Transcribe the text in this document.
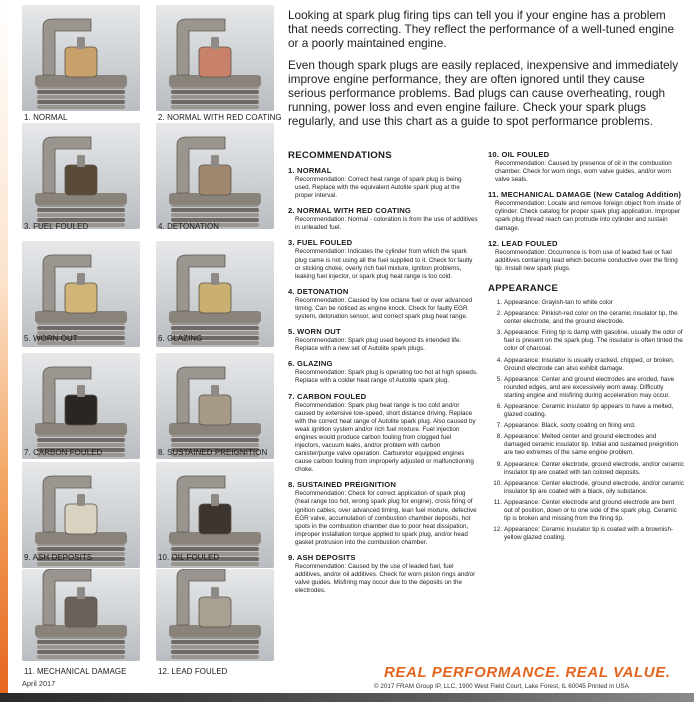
1. NORMAL	2. NORMAL WITH RED COATING
3. FUEL FOULED	4. DETONATION
5. WORN OUT	6. GLAZING
7. CARBON FOULED	8. SUSTAINED PREIGNITION
9. ASH DEPOSITS	10. OIL FOULED
11. MECHANICAL DAMAGE	12. LEAD FOULED

Looking at spark plug firing tips can tell you if your engine has a problem that needs correcting. They reflect the performance of a well-tuned engine or a poorly maintained engine.

Even though spark plugs are easily replaced, inexpensive and immediately improve engine performance, they are often ignored until they cause serious performance problems. Bad plugs can cause overheating, rough running, power loss and even engine failure. Check your spark plugs regularly, and use this chart as a guide to spot performance problems.

RECOMMENDATIONS
1. NORMAL
Recommendation: Correct heat range of spark plug is being used. Replace with the equivalent Autolite spark plug at the proper interval.
2. NORMAL WITH RED COATING
Recommendation: Normal - coloration is from the use of additives in unleaded fuel.
3. FUEL FOULED
Recommendation: Indicates the cylinder from which the spark plug came is not using all the fuel supplied to it. Check for faulty or sticking choke, overly rich fuel mixture, ignition problems, leaking fuel injector, or spark plug heat range is too cold.
4. DETONATION
Recommendation: Caused by low octane fuel or over advanced timing. Can be noticed as engine knock. Check for faulty EGR system, detonation sensor, and correct spark plug heat range.
5. WORN OUT
Recommendation: Spark plug used beyond its intended life. Replace with a new set of Autolite spark plugs.
6. GLAZING
Recommendation: Spark plug is operating too hot at high speeds. Replace with a colder heat range of Autolite spark plug.
7. CARBON FOULED
Recommendation: Spark plug heat range is too cold and/or caused by extensive low-speed, short distance driving. Replace with the correct heat range of Autolite spark plug. Also caused by weak ignition system and/or rich fuel mixture. Fuel injection engines would produce carbon fouling from clogged fuel injectors, vacuum leaks, and/or problem with carbon canister/purge valve operation. Carburetor equipped engines cause carbon fouling from improperly adjusted or malfunctioning choke.
8. SUSTAINED PREIGNITION
Recommendation: Check for correct application of spark plug (heat range too hot, wrong spark plug for engine), cross firing of ignition cables, over advanced timing, lean fuel mixture, defective EGR valve, accumulation of combustion chamber deposits, hot spots in the combustion chamber due to poor heat dissipation, improper installation torque applied to spark plug, and/or head gasket protrusion into the combustion chamber.
9. ASH DEPOSITS
Recommendation: Caused by the use of leaded fuel, fuel additives, and/or oil additives. Check for worn piston rings and/or valve guides. Misfiring may occur due to the deposits on the electrodes.
10. OIL FOULED
Recommendation: Caused by presence of oil in the combustion chamber. Check for worn rings, worn valve guides, and/or worn valve seals.
11. MECHANICAL DAMAGE (New Catalog Addition)
Recommendation: Locate and remove foreign object from inside of cylinder. Check catalog for proper spark plug application. Improper spark plug thread reach can protrude into cylinder and sustain damage.
12. LEAD FOULED
Recommendation: Occurrence is from use of leaded fuel or fuel additives containing lead which become conductive over the firing tip. Install new spark plugs.
APPEARANCE
1. Appearance: Grayish-tan to white color
2. Appearance: Pinkish-red color on the ceramic insulator tip, the center electrode, and the ground electrode.
3. Appearance: Firing tip is damp with gasoline, usually the odor of fuel is present on the spark plug. The insulator is often tinted the color of charcoal.
4. Appearance: Insulator is usually cracked, chipped, or broken. Ground electrode can also exhibit damage.
5. Appearance: Center and ground electrodes are eroded, have rounded edges, and are excessively worn away. Difficulty starting engine and misfiring during acceleration may occur.
6. Appearance: Ceramic insulator tip appears to have a melted, glazed coating.
7. Appearance: Black, sooty coating on firing end.
8. Appearance: Melted center and ground electrodes and damaged ceramic insulator tip. Initial and sustained preignition are two extremes of the same engine problem.
9. Appearance: Center electrode, ground electrode, and/or ceramic insulator tip are coated with tan colored deposits.
10. Appearance: Center electrode, ground electrode, and/or ceramic insulator tip are coated with a black, oily substance.
11. Appearance: Center electrode and ground electrode are bent out of position, down or to one side of the spark plug. Ceramic tip is broken and missing from the firing tip.
12. Appearance: Ceramic insulator tip is coated with a brownish-yellow glazed coating.
REAL PERFORMANCE. REAL VALUE.
© 2017 FRAM Group IP, LLC, 1900 West Field Court, Lake Forest, IL 60045 Printed in USA
April 2017
